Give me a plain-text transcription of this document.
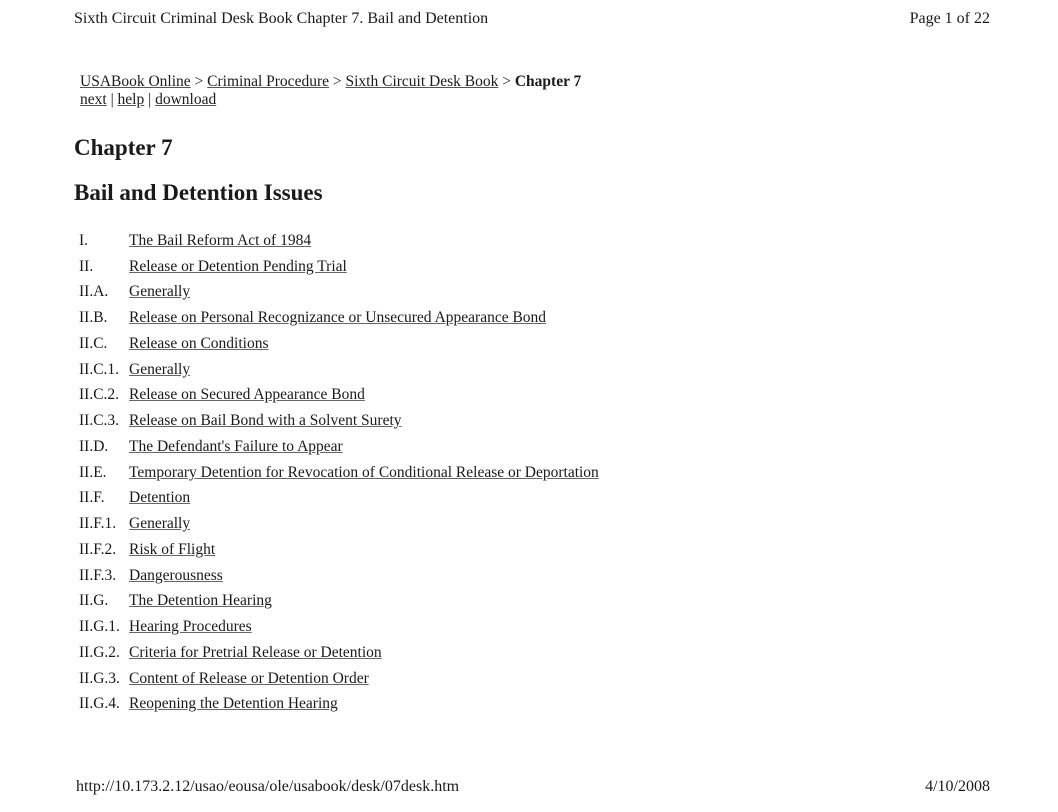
Sixth Circuit Criminal Desk Book Chapter 7. Bail and Detention	Page 1 of 22
USABook Online > Criminal Procedure > Sixth Circuit Desk Book > Chapter 7
next | help | download
Chapter 7
Bail and Detention Issues
I.	The Bail Reform Act of 1984
II.	Release or Detention Pending Trial
II.A.	Generally
II.B.	Release on Personal Recognizance or Unsecured Appearance Bond
II.C.	Release on Conditions
II.C.1. Generally
II.C.2. Release on Secured Appearance Bond
II.C.3. Release on Bail Bond with a Solvent Surety
II.D.	The Defendant's Failure to Appear
II.E.	Temporary Detention for Revocation of Conditional Release or Deportation
II.F.	Detention
II.F.1. Generally
II.F.2. Risk of Flight
II.F.3. Dangerousness
II.G.	The Detention Hearing
II.G.1. Hearing Procedures
II.G.2. Criteria for Pretrial Release or Detention
II.G.3. Content of Release or Detention Order
II.G.4. Reopening the Detention Hearing
http://10.173.2.12/usao/eousa/ole/usabook/desk/07desk.htm	4/10/2008
